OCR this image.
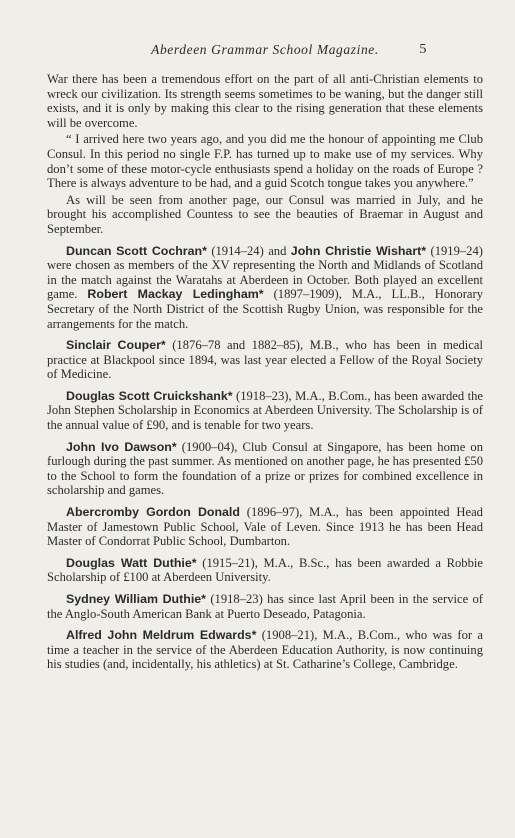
Aberdeen Grammar School Magazine.	5

War there has been a tremendous effort on the part of all anti-Christian elements to wreck our civilization. Its strength seems sometimes to be waning, but the danger still exists, and it is only by making this clear to the rising generation that these elements will be overcome.

“ I arrived here two years ago, and you did me the honour of appointing me Club Consul. In this period no single F.P. has turned up to make use of my services. Why don’t some of these motor-cycle enthusiasts spend a holiday on the roads of Europe ? There is always adventure to be had, and a guid Scotch tongue takes you anywhere.”

As will be seen from another page, our Consul was married in July, and he brought his accomplished Countess to see the beauties of Braemar in August and September.

Duncan Scott Cochran* (1914–24) and John Christie Wishart* (1919–24) were chosen as members of the XV representing the North and Midlands of Scotland in the match against the Waratahs at Aberdeen in October. Both played an excellent game. Robert Mackay Ledingham* (1897–1909), M.A., LL.B., Honorary Secretary of the North District of the Scottish Rugby Union, was responsible for the arrangements for the match.

Sinclair Couper* (1876–78 and 1882–85), M.B., who has been in medical practice at Blackpool since 1894, was last year elected a Fellow of the Royal Society of Medicine.

Douglas Scott Cruickshank* (1918–23), M.A., B.Com., has been awarded the John Stephen Scholarship in Economics at Aberdeen University. The Scholarship is of the annual value of £90, and is tenable for two years.

John Ivo Dawson* (1900–04), Club Consul at Singapore, has been home on furlough during the past summer. As mentioned on another page, he has presented £50 to the School to form the foundation of a prize or prizes for combined excellence in scholarship and games.

Abercromby Gordon Donald (1896–97), M.A., has been appointed Head Master of Jamestown Public School, Vale of Leven. Since 1913 he has been Head Master of Condorrat Public School, Dumbarton.

Douglas Watt Duthie* (1915–21), M.A., B.Sc., has been awarded a Robbie Scholarship of £100 at Aberdeen University.

Sydney William Duthie* (1918–23) has since last April been in the service of the Anglo-South American Bank at Puerto Deseado, Patagonia.

Alfred John Meldrum Edwards* (1908–21), M.A., B.Com., who was for a time a teacher in the service of the Aberdeen Education Authority, is now continuing his studies (and, incidentally, his athletics) at St. Catharine’s College, Cambridge.
